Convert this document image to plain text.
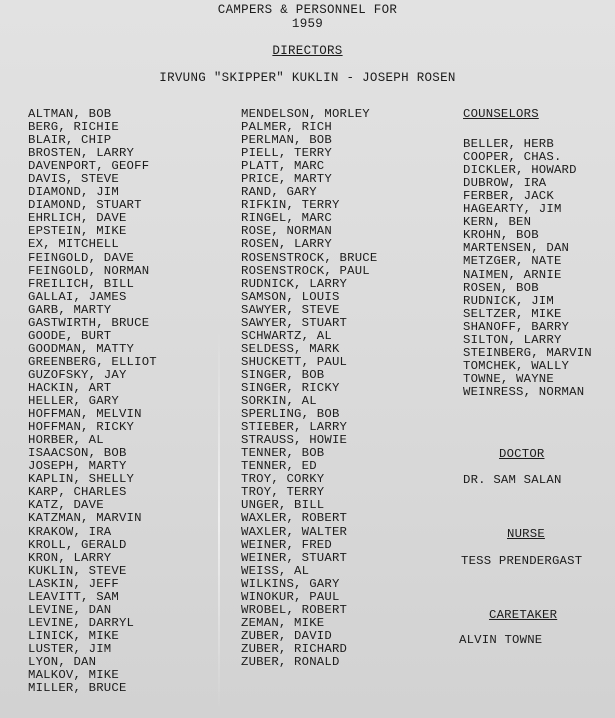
CAMPERS & PERSONNEL FOR
1959
DIRECTORS
IRVUNG "SKIPPER" KUKLIN - JOSEPH ROSEN
ALTMAN, BOB
BERG, RICHIE
BLAIR, CHIP
BROSTEN, LARRY
DAVENPORT, GEOFF
DAVIS, STEVE
DIAMOND, JIM
DIAMOND, STUART
EHRLICH, DAVE
EPSTEIN, MIKE
EX, MITCHELL
FEINGOLD, DAVE
FEINGOLD, NORMAN
FREILICH, BILL
GALLAI, JAMES
GARB, MARTY
GASTWIRTH, BRUCE
GOODE, BURT
GOODMAN, MATTY
GREENBERG, ELLIOT
GUZOFSKY, JAY
HACKIN, ART
HELLER, GARY
HOFFMAN, MELVIN
HOFFMAN, RICKY
HORBER, AL
ISAACSON, BOB
JOSEPH, MARTY
KAPLIN, SHELLY
KARP, CHARLES
KATZ, DAVE
KATZMAN, MARVIN
KRAKOW, IRA
KROLL, GERALD
KRON, LARRY
KUKLIN, STEVE
LASKIN, JEFF
LEAVITT, SAM
LEVINE, DAN
LEVINE, DARRYL
LINICK, MIKE
LUSTER, JIM
LYON, DAN
MALKOV, MIKE
MILLER, BRUCE
MENDELSON, MORLEY
PALMER, RICH
PERLMAN, BOB
PIELL, TERRY
PLATT, MARC
PRICE, MARTY
RAND, GARY
RIFKIN, TERRY
RINGEL, MARC
ROSE, NORMAN
ROSEN, LARRY
ROSENSTROCK, BRUCE
ROSENSTROCK, PAUL
RUDNICK, LARRY
SAMSON, LOUIS
SAWYER, STEVE
SAWYER, STUART
SCHWARTZ, AL
SELDESS, MARK
SHUCKETT, PAUL
SINGER, BOB
SINGER, RICKY
SORKIN, AL
SPERLING, BOB
STIEBER, LARRY
STRAUSS, HOWIE
TENNER, BOB
TENNER, ED
TROY, CORKY
TROY, TERRY
UNGER, BILL
WAXLER, ROBERT
WAXLER, WALTER
WEINER, FRED
WEINER, STUART
WEISS, AL
WILKINS, GARY
WINOKUR, PAUL
WROBEL, ROBERT
ZEMAN, MIKE
ZUBER, DAVID
ZUBER, RICHARD
ZUBER, RONALD
COUNSELORS
BELLER, HERB
COOPER, CHAS.
DICKLER, HOWARD
DUBROW, IRA
FERBER, JACK
HAGEARTY, JIM
KERN, BEN
KROHN, BOB
MARTENSEN, DAN
METZGER, NATE
NAIMEN, ARNIE
ROSEN, BOB
RUDNICK, JIM
SELTZER, MIKE
SHANOFF, BARRY
SILTON, LARRY
STEINBERG, MARVIN
TOMCHEK, WALLY
TOWNE, WAYNE
WEINRESS, NORMAN
DOCTOR
DR. SAM SALAN
NURSE
TESS PRENDERGAST
CARETAKER
ALVIN TOWNE
